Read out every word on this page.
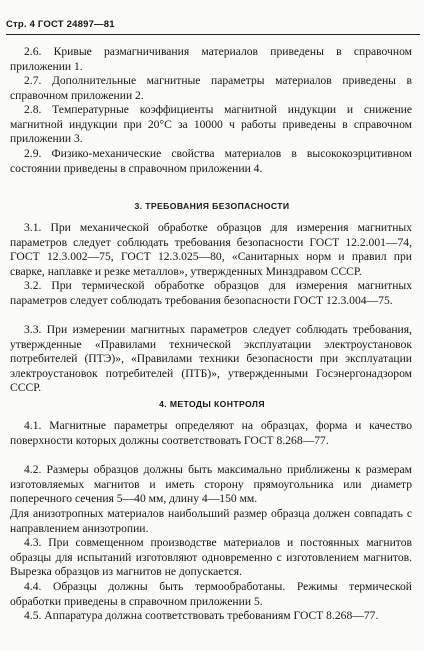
Стр. 4 ГОСТ 24897—81

2.6. Кривые размагничивания материалов приведены в справочном приложении 1.

2.7. Дополнительные магнитные параметры материалов приведены в справочном приложении 2.

2.8. Температурные коэффициенты магнитной индукции и снижение магнитной индукции при 20°С за 10000 ч работы приведены в справочном приложении 3.

2.9. Физико-механические свойства материалов в высококоэрцитивном состоянии приведены в справочном приложении 4.

3. ТРЕБОВАНИЯ БЕЗОПАСНОСТИ

3.1. При механической обработке образцов для измерения магнитных параметров следует соблюдать требования безопасности ГОСТ 12.2.001—74, ГОСТ 12.3.002—75, ГОСТ 12.3.025—80, «Санитарных норм и правил при сварке, наплавке и резке металлов», утвержденных Минздравом СССР.

3.2. При термической обработке образцов для измерения магнитных параметров следует соблюдать требования безопасности ГОСТ 12.3.004—75.

3.3. При измерении магнитных параметров следует соблюдать требования, утвержденные «Правилами технической эксплуатации электроустановок потребителей (ПТЭ)», «Правилами техники безопасности при эксплуатации электроустановок потребителей (ПТБ)», утвержденными Госэнергонадзором СССР.

4. МЕТОДЫ КОНТРОЛЯ

4.1. Магнитные параметры определяют на образцах, форма и качество поверхности которых должны соответствовать ГОСТ 8.268—77.

4.2. Размеры образцов должны быть максимально приближены к размерам изготовляемых магнитов и иметь сторону прямоугольника или диаметр поперечного сечения 5—40 мм, длину 4—150 мм.

Для анизотропных материалов наибольший размер образца должен совпадать с направлением анизотропии.

4.3. При совмещенном производстве материалов и постоянных магнитов образцы для испытаний изготовляют одновременно с изготовлением магнитов. Вырезка образцов из магнитов не допускается.

4.4. Образцы должны быть термообработаны. Режимы термической обработки приведены в справочном приложении 5.

4.5. Аппаратура должна соответствовать требованиям ГОСТ 8.268—77.
